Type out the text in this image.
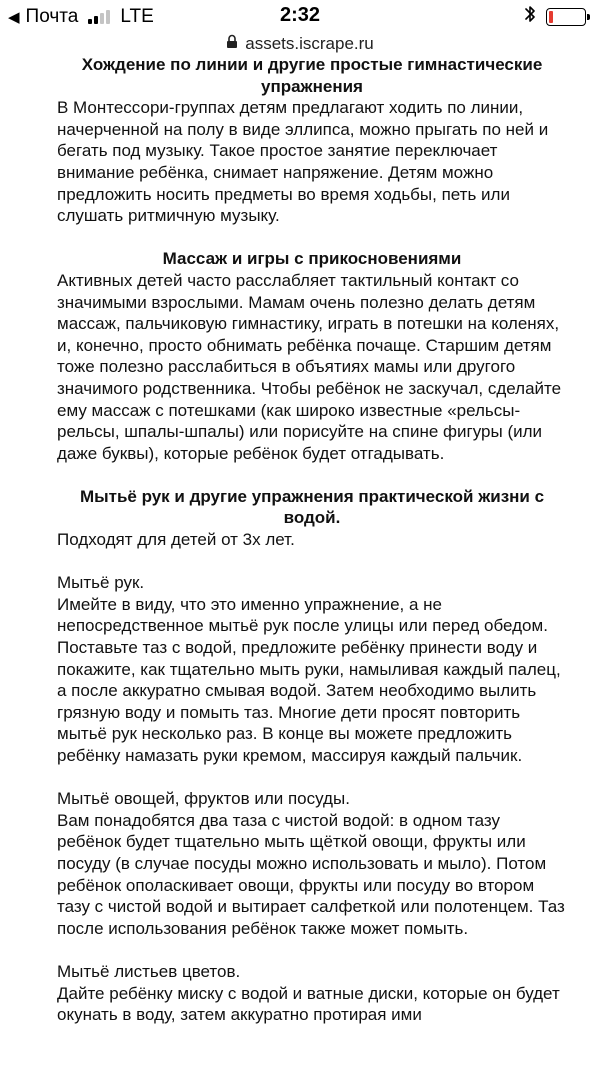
◀ Почта LTE	2:32
assets.iscrape.ru
Хождение по линии и другие простые гимнастические упражнения
В Монтессори-группах детям предлагают ходить по линии, начерченной на полу в виде эллипса, можно прыгать по ней и бегать под музыку. Такое простое занятие переключает внимание ребёнка, снимает напряжение. Детям можно предложить носить предметы во время ходьбы, петь или слушать ритмичную музыку.
Массаж и игры с прикосновениями
Активных детей часто расслабляет тактильный контакт со значимыми взрослыми. Мамам очень полезно делать детям массаж, пальчиковую гимнастику, играть в потешки на коленях, и, конечно, просто обнимать ребёнка почаще. Старшим детям тоже полезно расслабиться в объятиях мамы или другого значимого родственника. Чтобы ребёнок не заскучал, сделайте ему массаж с потешками (как широко известные «рельсы-рельсы, шпалы-шпалы) или порисуйте на спине фигуры (или даже буквы), которые ребёнок будет отгадывать.
Мытьё рук и другие упражнения практической жизни с водой.
Подходят для детей от 3х лет.
Мытьё рук.
Имейте в виду, что это именно упражнение, а не непосредственное мытьё рук после улицы или перед обедом. Поставьте таз с водой, предложите ребёнку принести воду и покажите, как тщательно мыть руки, намыливая каждый палец, а после аккуратно смывая водой. Затем необходимо вылить грязную воду и помыть таз. Многие дети просят повторить мытьё рук несколько раз. В конце вы можете предложить ребёнку намазать руки кремом, массируя каждый пальчик.
Мытьё овощей, фруктов или посуды.
Вам понадобятся два таза с чистой водой: в одном тазу ребёнок будет тщательно мыть щёткой овощи, фрукты или посуду (в случае посуды можно использовать и мыло). Потом ребёнок ополаскивает овощи, фрукты или посуду во втором тазу с чистой водой и вытирает салфеткой или полотенцем. Таз после использования ребёнок также может помыть.
Мытьё листьев цветов.
Дайте ребёнку миску с водой и ватные диски, которые он будет окунать в воду, затем аккуратно протирая ими
